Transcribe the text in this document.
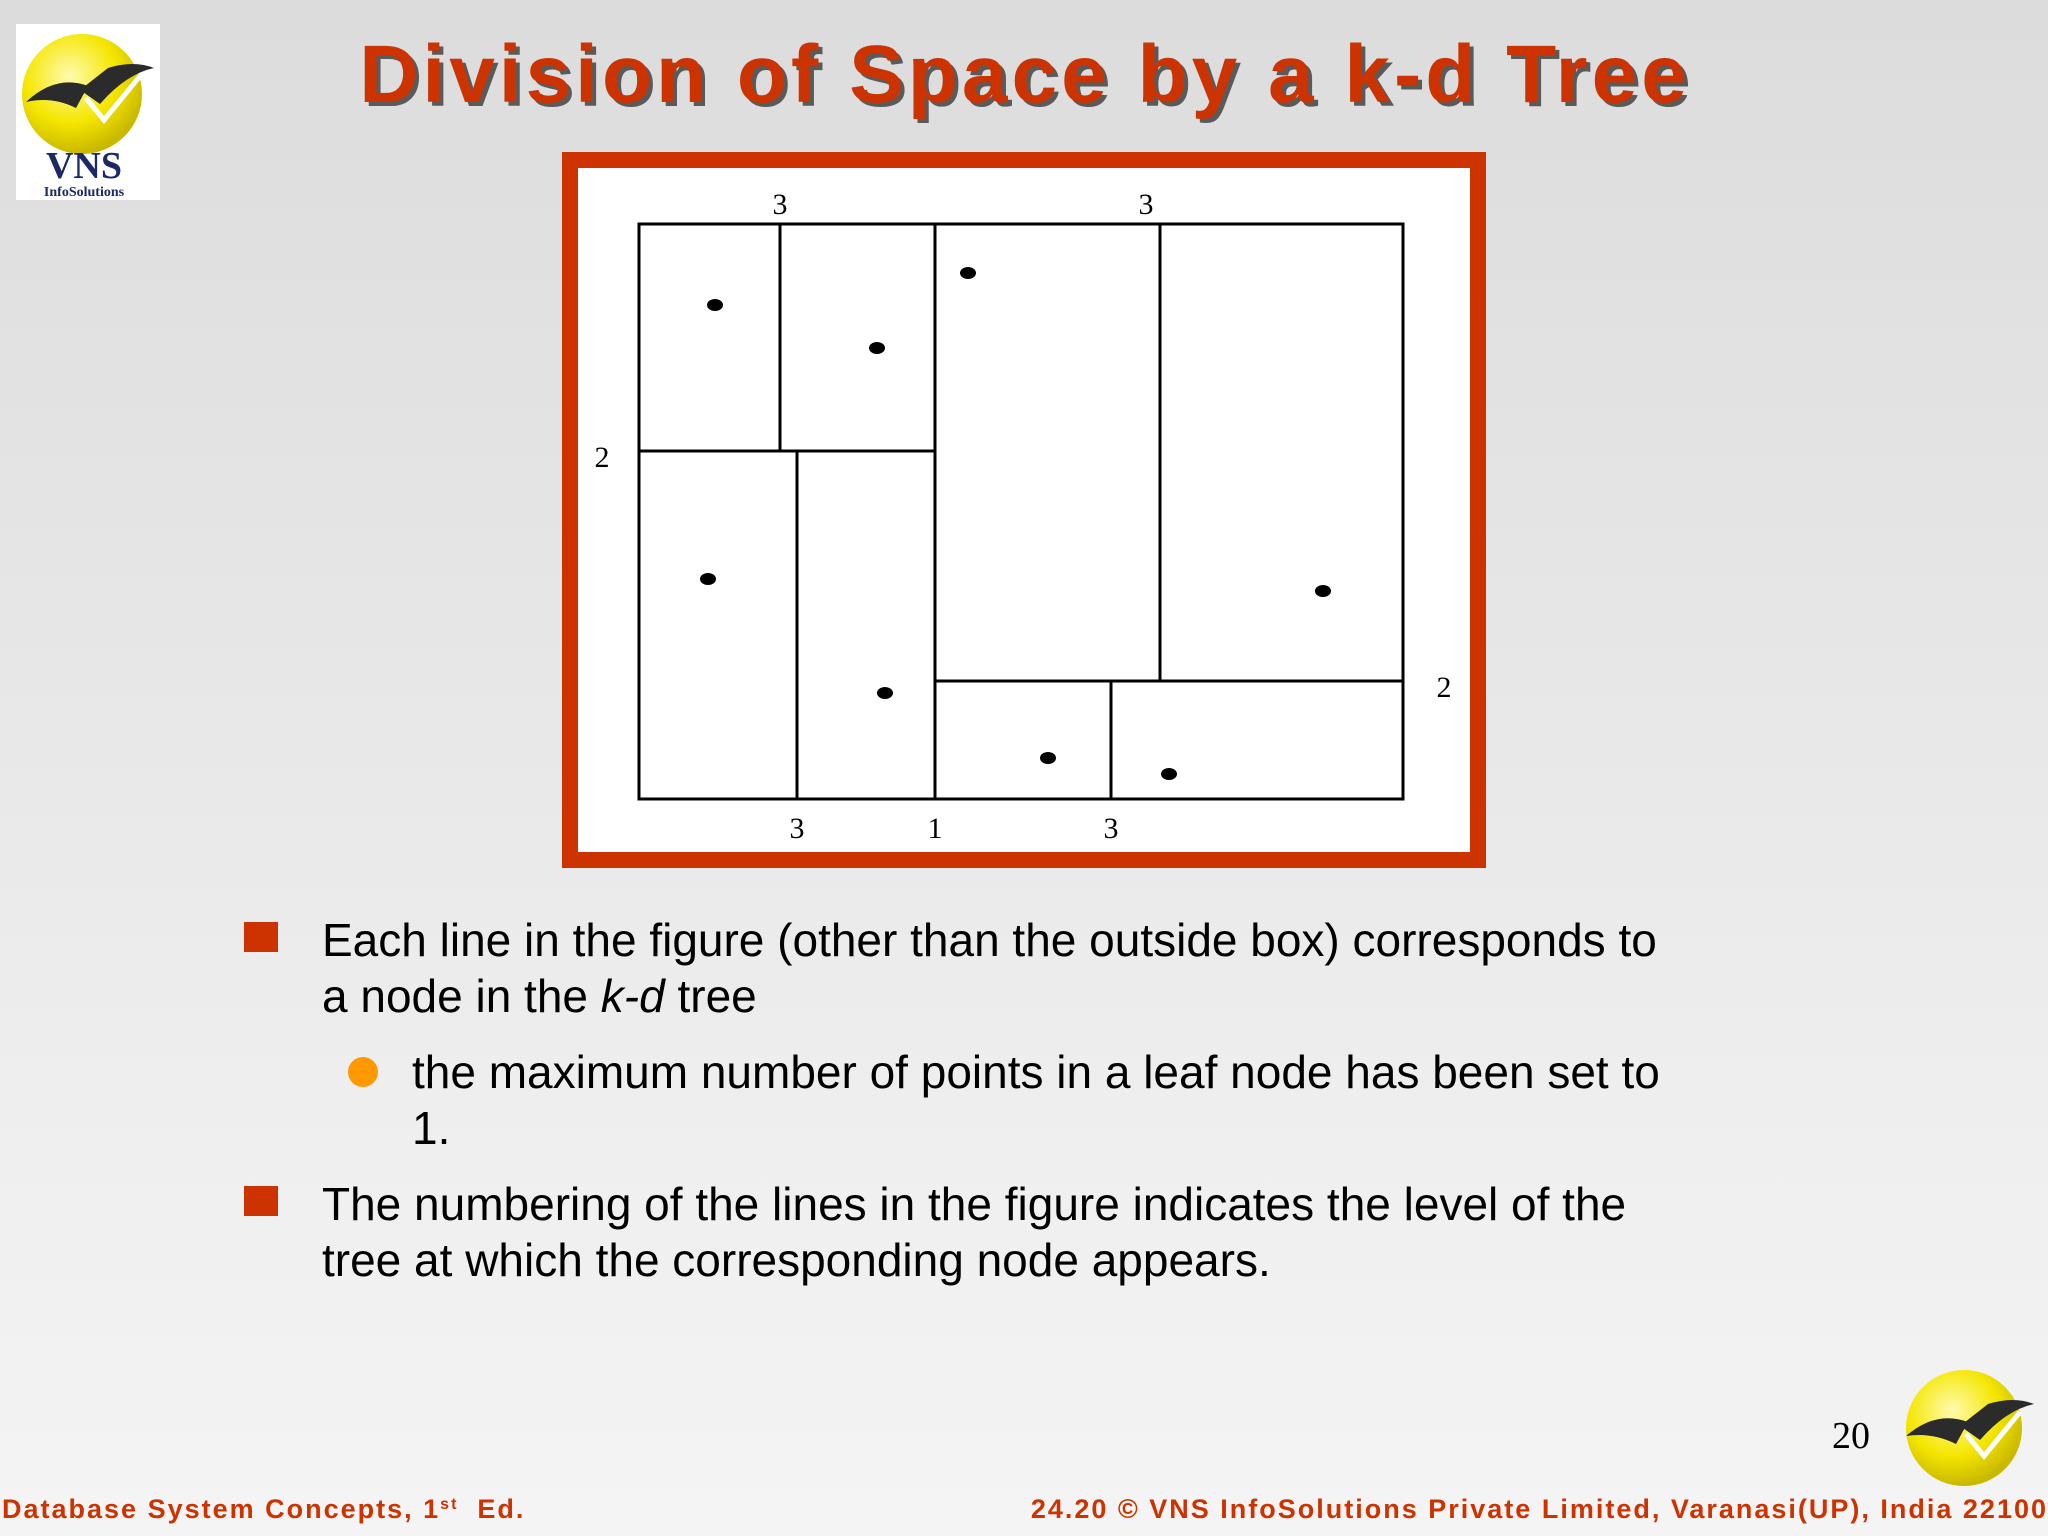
VNS
InfoSolutions
Division of Space by a k-d Tree
3	3
2
2
3	1	3
Each line in the figure (other than the outside box) corresponds to
a node in the k-d tree
the maximum number of points in a leaf node has been set to
1.
The numbering of the lines in the figure indicates the level of the
tree at which the corresponding node appears.
20
Database System Concepts, 1st  Ed.	24.20 © VNS InfoSolutions Private Limited, Varanasi(UP), India 22100
